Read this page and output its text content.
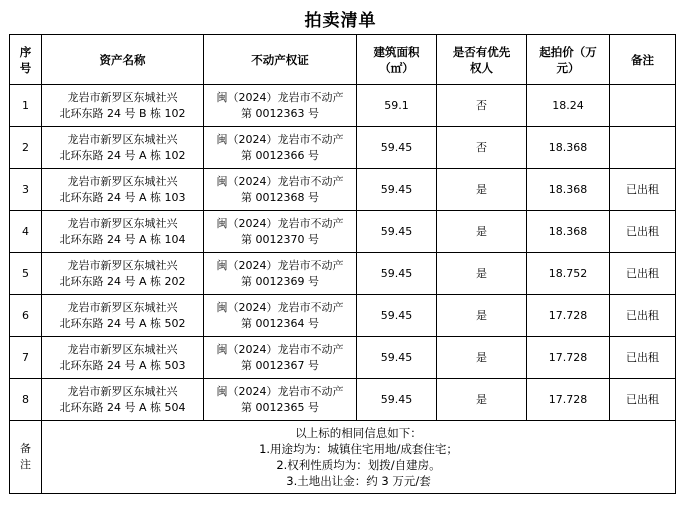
拍卖清单
序
号	资产名称	不动产权证	建筑面积
（㎡）	是否有优先
权人	起拍价（万
元）	备注
1	龙岩市新罗区东城社兴
北环东路 24 号 B 栋 102	闽（2024）龙岩市不动产
第 0012363 号	59.1	否	18.24	
2	龙岩市新罗区东城社兴
北环东路 24 号 A 栋 102	闽（2024）龙岩市不动产
第 0012366 号	59.45	否	18.368	
3	龙岩市新罗区东城社兴
北环东路 24 号 A 栋 103	闽（2024）龙岩市不动产
第 0012368 号	59.45	是	18.368	已出租
4	龙岩市新罗区东城社兴
北环东路 24 号 A 栋 104	闽（2024）龙岩市不动产
第 0012370 号	59.45	是	18.368	已出租
5	龙岩市新罗区东城社兴
北环东路 24 号 A 栋 202	闽（2024）龙岩市不动产
第 0012369 号	59.45	是	18.752	已出租
6	龙岩市新罗区东城社兴
北环东路 24 号 A 栋 502	闽（2024）龙岩市不动产
第 0012364 号	59.45	是	17.728	已出租
7	龙岩市新罗区东城社兴
北环东路 24 号 A 栋 503	闽（2024）龙岩市不动产
第 0012367 号	59.45	是	17.728	已出租
8	龙岩市新罗区东城社兴
北环东路 24 号 A 栋 504	闽（2024）龙岩市不动产
第 0012365 号	59.45	是	17.728	已出租

备
注	以上标的相同信息如下：
1.用途均为：城镇住宅用地/成套住宅；
2.权利性质均为：划拨/自建房。
3.土地出让金：约 3 万元/套					
